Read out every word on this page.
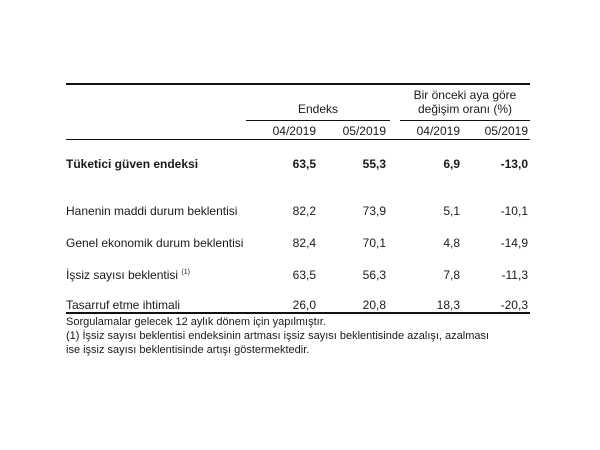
Endeks
Bir önceki aya göre
değişim oranı (%)
04/2019	05/2019	04/2019	05/2019
Tüketici güven endeksi	63,5	55,3	6,9	-13,0
Hanenin maddi durum beklentisi	82,2	73,9	5,1	-10,1
Genel ekonomik durum beklentisi	82,4	70,1	4,8	-14,9
İşsiz sayısı beklentisi $^{(1)}$	63,5	56,3	7,8	-11,3
Tasarruf etme ihtimali	26,0	20,8	18,3	-20,3
Sorgulamalar gelecek 12 aylık dönem için yapılmıştır.
(1) İşsiz sayısı beklentisi endeksinin artması işsiz sayısı beklentisinde azalışı, azalması
ise işsiz sayısı beklentisinde artışı göstermektedir.
